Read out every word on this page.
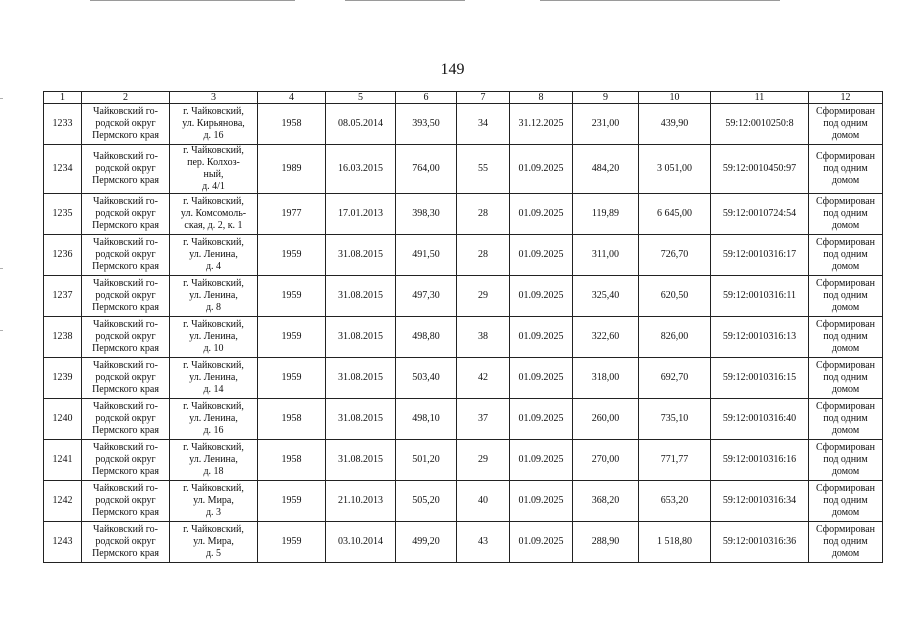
149
1	2	3	4	5	6	7	8	9	10	11	12
1233	Чайковский го-
родской округ
Пермского края	г. Чайковский,
ул. Кирьянова,
д. 16	1958	08.05.2014	393,50	34	31.12.2025	231,00	439,90	59:12:0010250:8	Сформирован
под одним
домом
1234	Чайковский го-
родской округ
Пермского края	г. Чайковский,
пер. Колхоз-
ный,
д. 4/1	1989	16.03.2015	764,00	55	01.09.2025	484,20	3 051,00	59:12:0010450:97	Сформирован
под одним
домом
1235	Чайковский го-
родской округ
Пермского края	г. Чайковский,
ул. Комсомоль-
ская, д. 2, к. 1	1977	17.01.2013	398,30	28	01.09.2025	119,89	6 645,00	59:12:0010724:54	Сформирован
под одним
домом
1236	Чайковский го-
родской округ
Пермского края	г. Чайковский,
ул. Ленина,
д. 4	1959	31.08.2015	491,50	28	01.09.2025	311,00	726,70	59:12:0010316:17	Сформирован
под одним
домом
1237	Чайковский го-
родской округ
Пермского края	г. Чайковский,
ул. Ленина,
д. 8	1959	31.08.2015	497,30	29	01.09.2025	325,40	620,50	59:12:0010316:11	Сформирован
под одним
домом
1238	Чайковский го-
родской округ
Пермского края	г. Чайковский,
ул. Ленина,
д. 10	1959	31.08.2015	498,80	38	01.09.2025	322,60	826,00	59:12:0010316:13	Сформирован
под одним
домом
1239	Чайковский го-
родской округ
Пермского края	г. Чайковский,
ул. Ленина,
д. 14	1959	31.08.2015	503,40	42	01.09.2025	318,00	692,70	59:12:0010316:15	Сформирован
под одним
домом
1240	Чайковский го-
родской округ
Пермского края	г. Чайковский,
ул. Ленина,
д. 16	1958	31.08.2015	498,10	37	01.09.2025	260,00	735,10	59:12:0010316:40	Сформирован
под одним
домом
1241	Чайковский го-
родской округ
Пермского края	г. Чайковский,
ул. Ленина,
д. 18	1958	31.08.2015	501,20	29	01.09.2025	270,00	771,77	59:12:0010316:16	Сформирован
под одним
домом
1242	Чайковский го-
родской округ
Пермского края	г. Чайковский,
ул. Мира,
д. 3	1959	21.10.2013	505,20	40	01.09.2025	368,20	653,20	59:12:0010316:34	Сформирован
под одним
домом
1243	Чайковский го-
родской округ
Пермского края	г. Чайковский,
ул. Мира,
д. 5	1959	03.10.2014	499,20	43	01.09.2025	288,90	1 518,80	59:12:0010316:36	Сформирован
под одним
домом
